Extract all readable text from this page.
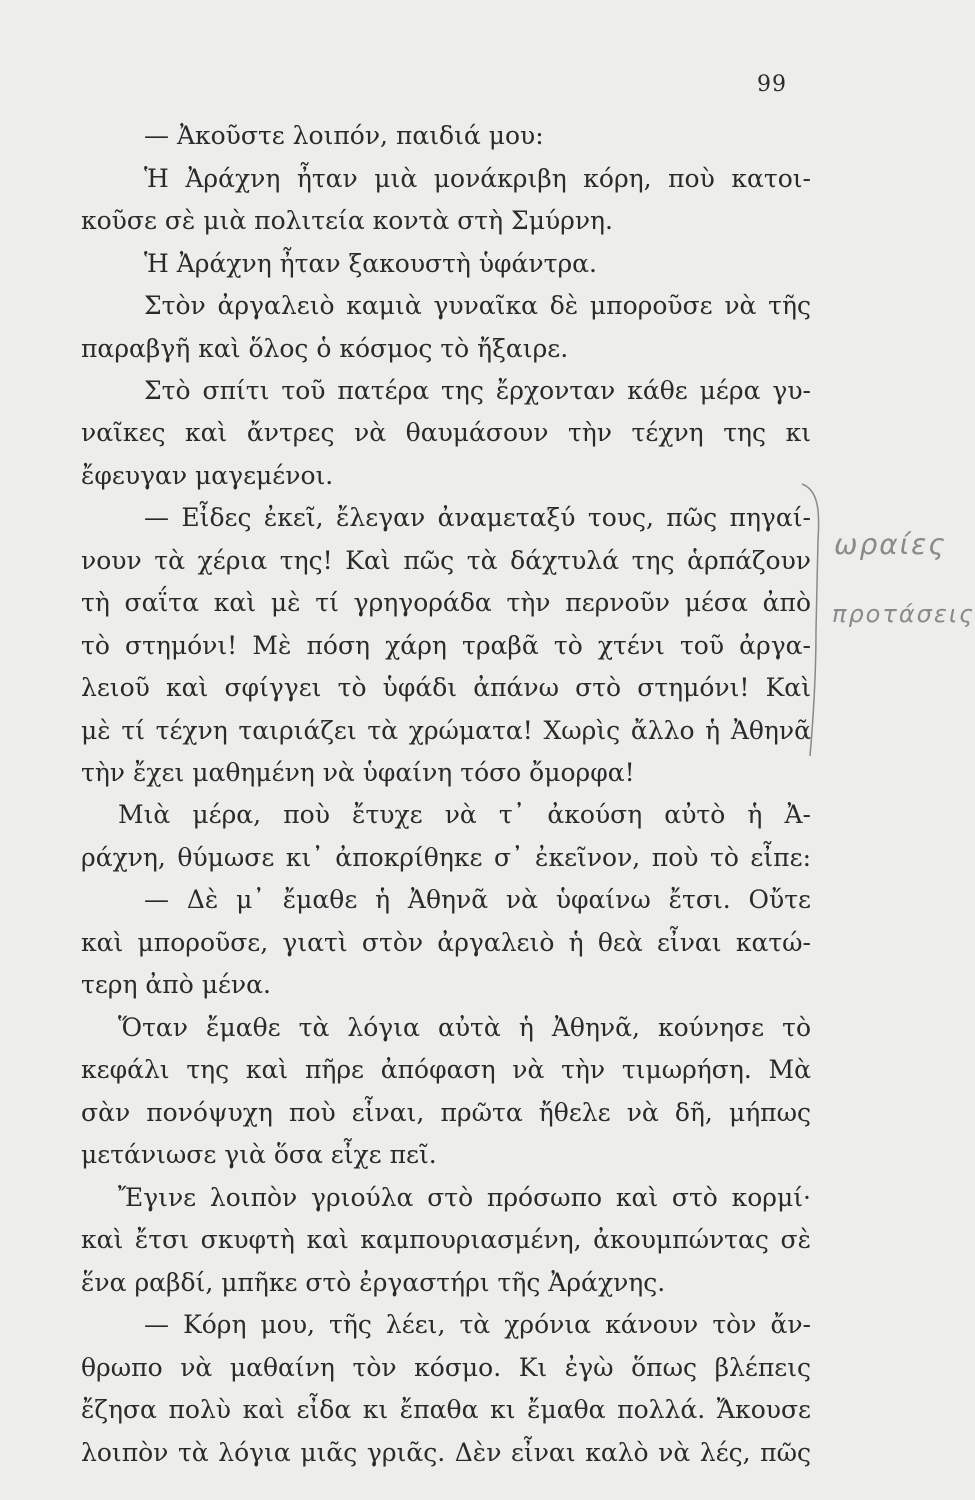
99
— Ἀκοῦστε λοιπόν, παιδιά μου:
Ἡ Ἀράχνη ἦταν μιὰ μονάκριβη κόρη, ποὺ κατοι-
κοῦσε σὲ μιὰ πολιτεία κοντὰ στὴ Σμύρνη.
Ἡ Ἀράχνη ἦταν ξακουστὴ ὑφάντρα.
Στὸν ἀργαλειὸ καμιὰ γυναῖκα δὲ μποροῦσε νὰ τῆς
παραβγῆ καὶ ὅλος ὁ κόσμος τὸ ἤξαιρε.
Στὸ σπίτι τοῦ πατέρα της ἔρχονταν κάθε μέρα γυ-
ναῖκες καὶ ἄντρες νὰ θαυμάσουν τὴν τέχνη της κι
ἔφευγαν μαγεμένοι.
— Εἶδες ἐκεῖ, ἔλεγαν ἀναμεταξύ τους, πῶς πηγαί-
νουν τὰ χέρια της! Καὶ πῶς τὰ δάχτυλά της ἁρπάζουν
τὴ σαΐτα καὶ μὲ τί γρηγοράδα τὴν περνοῦν μέσα ἀπὸ
τὸ στημόνι! Μὲ πόση χάρη τραβᾶ τὸ χτένι τοῦ ἀργα-
λειοῦ καὶ σφίγγει τὸ ὑφάδι ἀπάνω στὸ στημόνι! Καὶ
μὲ τί τέχνη ταιριάζει τὰ χρώματα! Χωρὶς ἄλλο ἡ Ἀθηνᾶ
τὴν ἔχει μαθημένη νὰ ὑφαίνη τόσο ὄμορφα!
Μιὰ μέρα, ποὺ ἔτυχε νὰ τ᾿ ἀκούση αὐτὸ ἡ Ἀ-
ράχνη, θύμωσε κι᾿ ἀποκρίθηκε σ᾿ ἐκεῖνον, ποὺ τὸ εἶπε:
— Δὲ μ᾿ ἔμαθε ἡ Ἀθηνᾶ νὰ ὑφαίνω ἔτσι. Οὔτε
καὶ μποροῦσε, γιατὶ στὸν ἀργαλειὸ ἡ θεὰ εἶναι κατώ-
τερη ἀπὸ μένα.
Ὅταν ἔμαθε τὰ λόγια αὐτὰ ἡ Ἀθηνᾶ, κούνησε τὸ
κεφάλι της καὶ πῆρε ἀπόφαση νὰ τὴν τιμωρήση. Μὰ
σὰν πονόψυχη ποὺ εἶναι, πρῶτα ἤθελε νὰ δῆ, μήπως
μετάνιωσε γιὰ ὅσα εἶχε πεῖ.
Ἔγινε λοιπὸν γριούλα στὸ πρόσωπο καὶ στὸ κορμί·
καὶ ἔτσι σκυφτὴ καὶ καμπουριασμένη, ἀκουμπώντας σὲ
ἕνα ραβδί, μπῆκε στὸ ἐργαστήρι τῆς Ἀράχνης.
— Κόρη μου, τῆς λέει, τὰ χρόνια κάνουν τὸν ἄν-
θρωπο νὰ μαθαίνη τὸν κόσμο. Κι ἐγὼ ὅπως βλέπεις
ἔζησα πολὺ καὶ εἶδα κι ἔπαθα κι ἔμαθα πολλά. Ἄκουσε
λοιπὸν τὰ λόγια μιᾶς γριᾶς. Δὲν εἶναι καλὸ νὰ λές, πῶς
ωραίες
προτάσεις
